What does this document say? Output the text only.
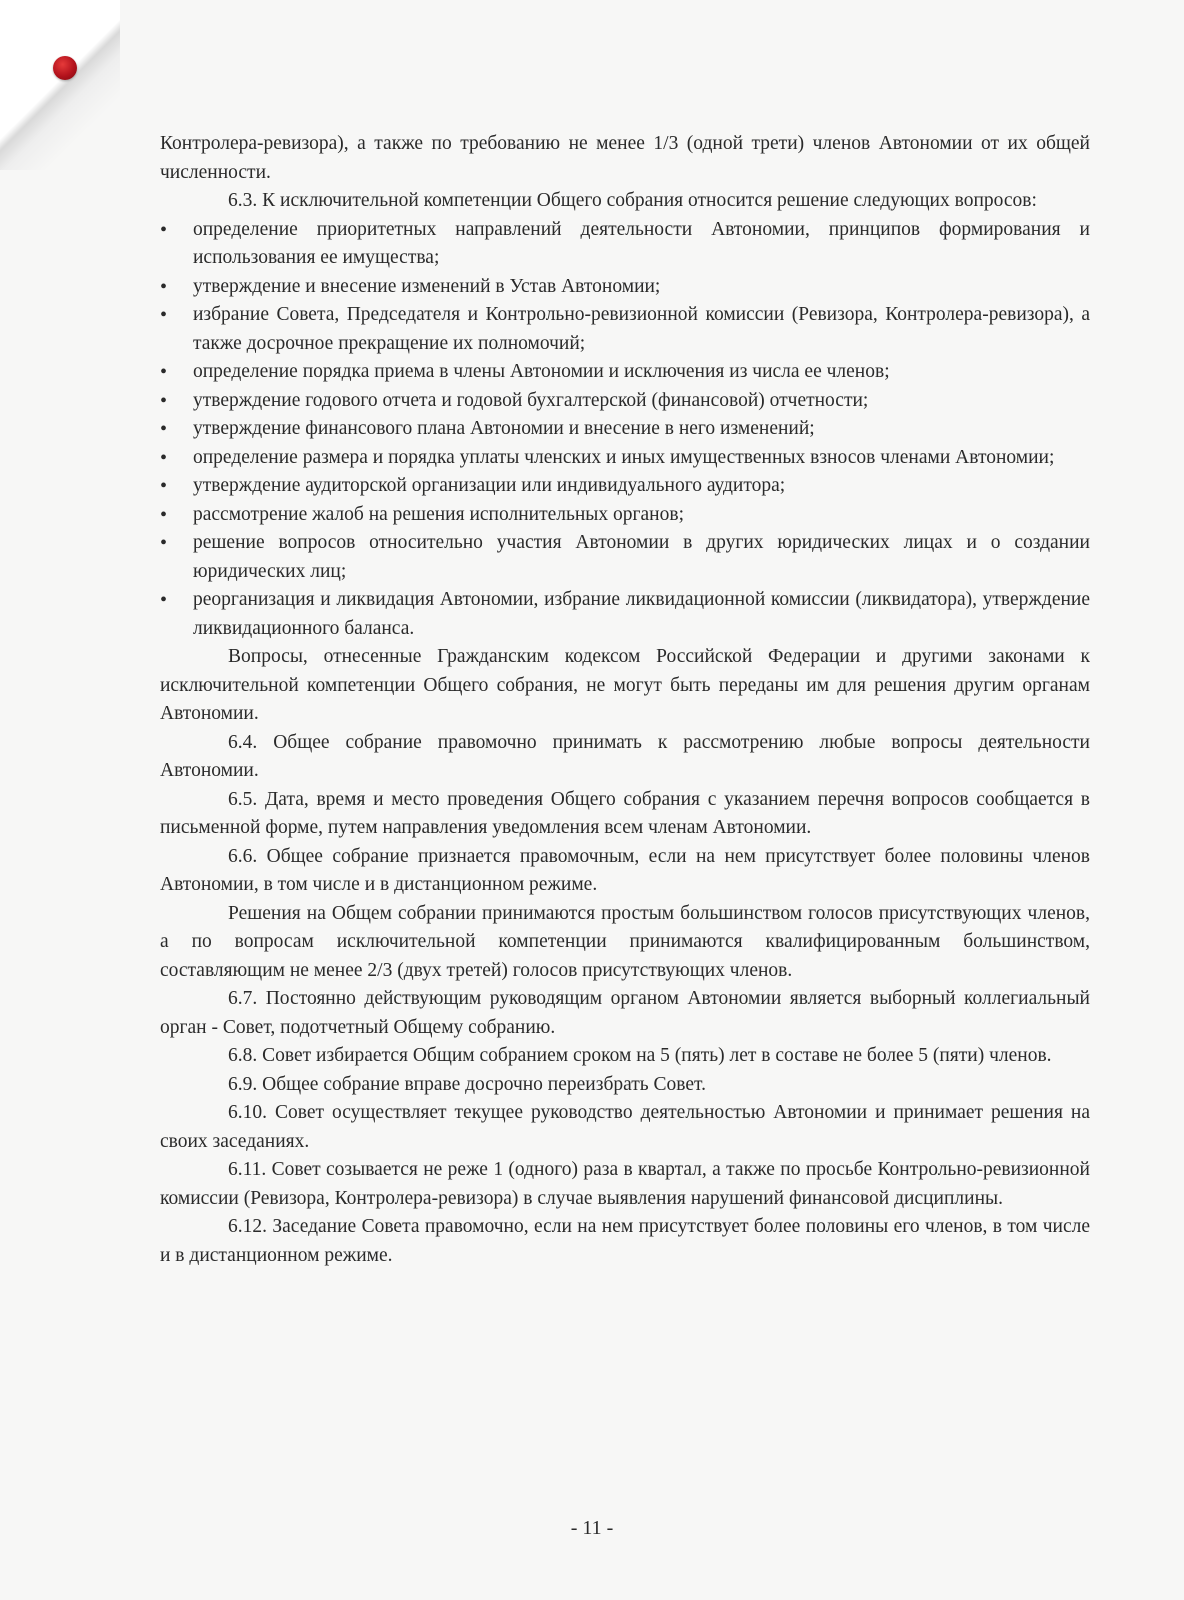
Контролера-ревизора), а также по требованию не менее 1/3 (одной трети) членов Автономии от их общей численности.

6.3. К исключительной компетенции Общего собрания относится решение следующих вопросов:

• определение приоритетных направлений деятельности Автономии, принципов формирования и использования ее имущества;
• утверждение и внесение изменений в Устав Автономии;
• избрание Совета, Председателя и Контрольно-ревизионной комиссии (Ревизора, Контролера-ревизора), а также досрочное прекращение их полномочий;
• определение порядка приема в члены Автономии и исключения из числа ее членов;
• утверждение годового отчета и годовой бухгалтерской (финансовой) отчетности;
• утверждение финансового плана Автономии и внесение в него изменений;
• определение размера и порядка уплаты членских и иных имущественных взносов членами Автономии;
• утверждение аудиторской организации или индивидуального аудитора;
• рассмотрение жалоб на решения исполнительных органов;
• решение вопросов относительно участия Автономии в других юридических лицах и о создании юридических лиц;
• реорганизация и ликвидация Автономии, избрание ликвидационной комиссии (ликвидатора), утверждение ликвидационного баланса.

Вопросы, отнесенные Гражданским кодексом Российской Федерации и другими законами к исключительной компетенции Общего собрания, не могут быть переданы им для решения другим органам Автономии.

6.4. Общее собрание правомочно принимать к рассмотрению любые вопросы деятельности Автономии.

6.5. Дата, время и место проведения Общего собрания с указанием перечня вопросов сообщается в письменной форме, путем направления уведомления всем членам Автономии.

6.6. Общее собрание признается правомочным, если на нем присутствует более половины членов Автономии, в том числе и в дистанционном режиме.

Решения на Общем собрании принимаются простым большинством голосов присутствующих членов, а по вопросам исключительной компетенции принимаются квалифицированным большинством, составляющим не менее 2/3 (двух третей) голосов присутствующих членов.

6.7. Постоянно действующим руководящим органом Автономии является выборный коллегиальный орган - Совет, подотчетный Общему собранию.

6.8. Совет избирается Общим собранием сроком на 5 (пять) лет в составе не более 5 (пяти) членов.

6.9. Общее собрание вправе досрочно переизбрать Совет.

6.10. Совет осуществляет текущее руководство деятельностью Автономии и принимает решения на своих заседаниях.

6.11. Совет созывается не реже 1 (одного) раза в квартал, а также по просьбе Контрольно-ревизионной комиссии (Ревизора, Контролера-ревизора) в случае выявления нарушений финансовой дисциплины.

6.12. Заседание Совета правомочно, если на нем присутствует более половины его членов, в том числе и в дистанционном режиме.

- 11 -
